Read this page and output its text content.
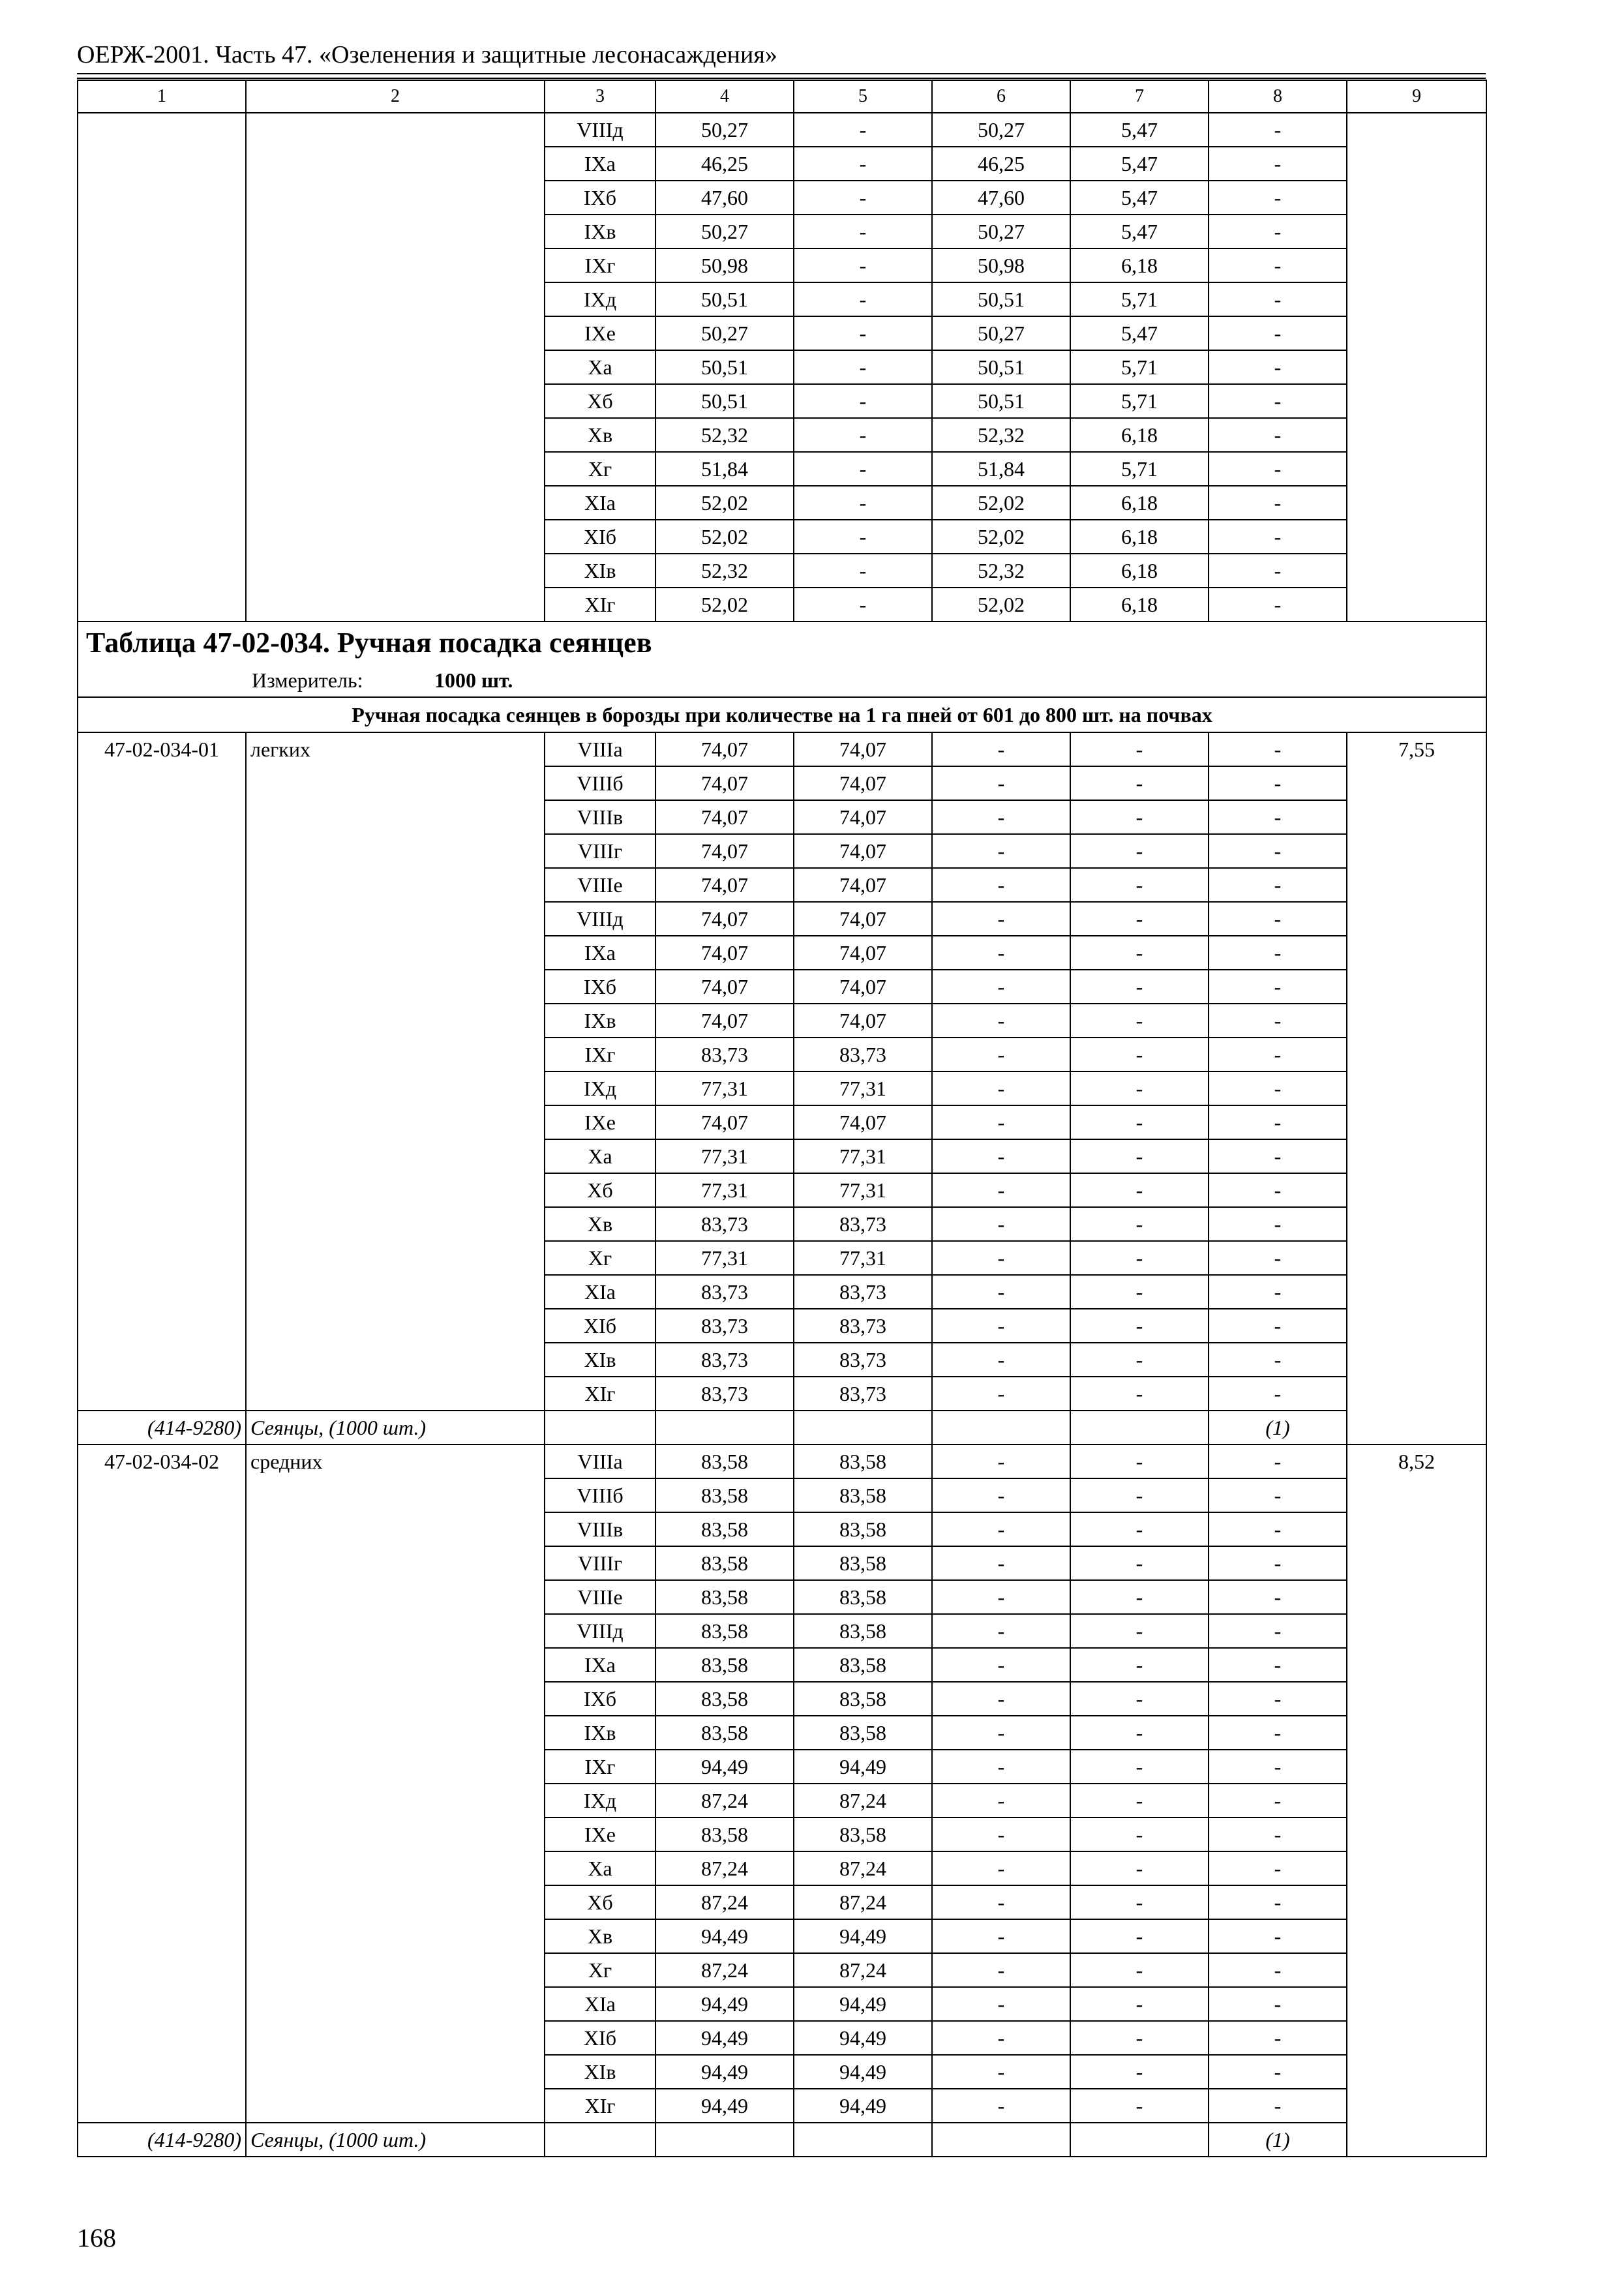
ОЕРЖ-2001. Часть 47. «Озеленения и защитные лесонасаждения»
1	2	3	4	5	6	7	8	9
		VIIIд	50,27	-	50,27	5,47	-	
		IXа	46,25	-	46,25	5,47	-	
		IXб	47,60	-	47,60	5,47	-	
		IXв	50,27	-	50,27	5,47	-	
		IXг	50,98	-	50,98	6,18	-	
		IXд	50,51	-	50,51	5,71	-	
		IXе	50,27	-	50,27	5,47	-	
		Xа	50,51	-	50,51	5,71	-	
		Xб	50,51	-	50,51	5,71	-	
		Xв	52,32	-	52,32	6,18	-	
		Xг	51,84	-	51,84	5,71	-	
		XIа	52,02	-	52,02	6,18	-	
		XIб	52,02	-	52,02	6,18	-	
		XIв	52,32	-	52,32	6,18	-	
		XIг	52,02	-	52,02	6,18	-	
Таблица 47-02-034. Ручная посадка сеянцев								
Измеритель: 1000 шт.								
Ручная посадка сеянцев в борозды при количестве на 1 га пней от 601 до 800 шт. на почвах								
47-02-034-01	легких	VIIIа	74,07	74,07	-	-	-	7,55
		VIIIб	74,07	74,07	-	-	-	
		VIIIв	74,07	74,07	-	-	-	
		VIIIг	74,07	74,07	-	-	-	
		VIIIе	74,07	74,07	-	-	-	
		VIIIд	74,07	74,07	-	-	-	
		IXа	74,07	74,07	-	-	-	
		IXб	74,07	74,07	-	-	-	
		IXв	74,07	74,07	-	-	-	
		IXг	83,73	83,73	-	-	-	
		IXд	77,31	77,31	-	-	-	
		IXе	74,07	74,07	-	-	-	
		Xа	77,31	77,31	-	-	-	
		Xб	77,31	77,31	-	-	-	
		Xв	83,73	83,73	-	-	-	
		Xг	77,31	77,31	-	-	-	
		XIа	83,73	83,73	-	-	-	
		XIб	83,73	83,73	-	-	-	
		XIв	83,73	83,73	-	-	-	
		XIг	83,73	83,73	-	-	-	
(414-9280)	Сеянцы, (1000 шт.)						(1)	
47-02-034-02	средних	VIIIа	83,58	83,58	-	-	-	8,52
		VIIIб	83,58	83,58	-	-	-	
		VIIIв	83,58	83,58	-	-	-	
		VIIIг	83,58	83,58	-	-	-	
		VIIIе	83,58	83,58	-	-	-	
		VIIIд	83,58	83,58	-	-	-	
		IXа	83,58	83,58	-	-	-	
		IXб	83,58	83,58	-	-	-	
		IXв	83,58	83,58	-	-	-	
		IXг	94,49	94,49	-	-	-	
		IXд	87,24	87,24	-	-	-	
		IXе	83,58	83,58	-	-	-	
		Xа	87,24	87,24	-	-	-	
		Xб	87,24	87,24	-	-	-	
		Xв	94,49	94,49	-	-	-	
		Xг	87,24	87,24	-	-	-	
		XIа	94,49	94,49	-	-	-	
		XIб	94,49	94,49	-	-	-	
		XIв	94,49	94,49	-	-	-	
		XIг	94,49	94,49	-	-	-	
(414-9280)	Сеянцы, (1000 шт.)						(1)	
168
